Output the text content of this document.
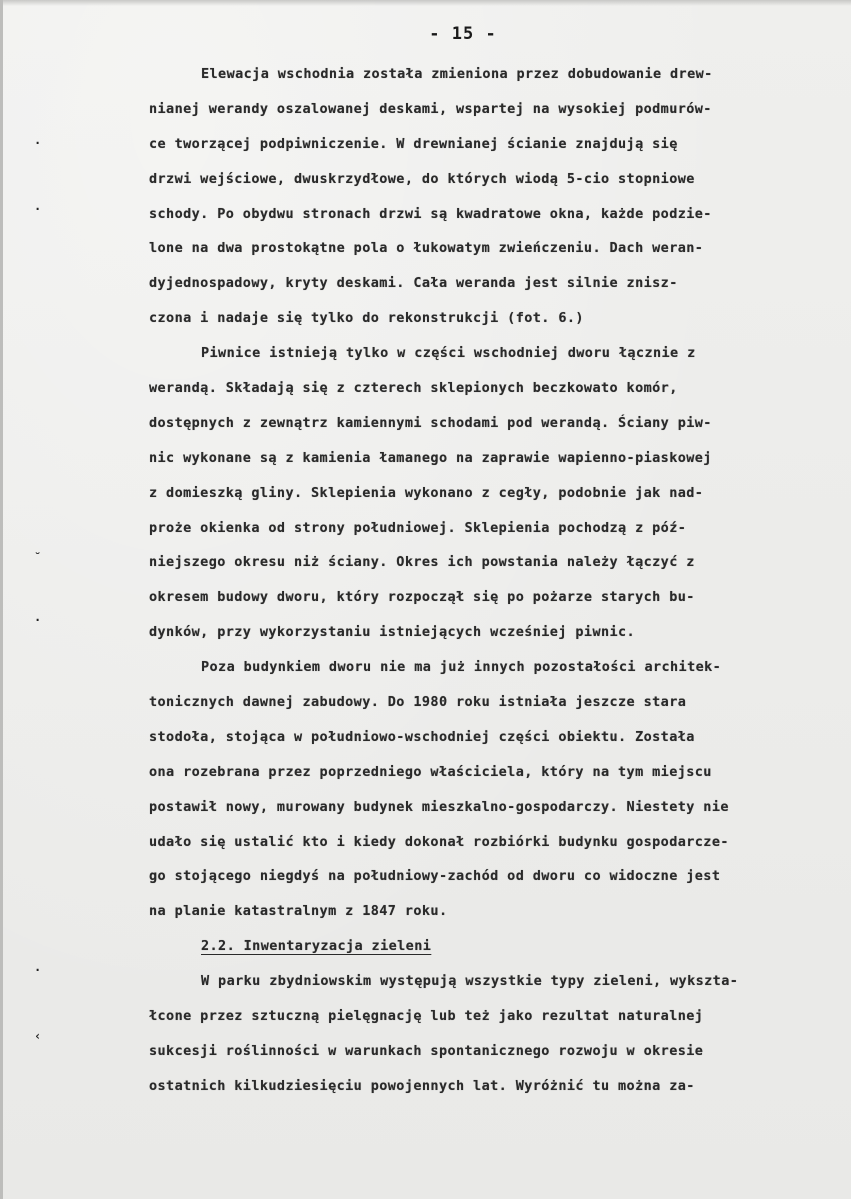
- 15 -
Elewacja wschodnia została zmieniona przez dobudowanie drew-
nianej werandy oszalowanej deskami, wspartej na wysokiej podmurów-
ce tworzącej podpiwniczenie. W drewnianej ścianie znajdują się
drzwi wejściowe, dwuskrzydłowe, do których wiodą 5-cio stopniowe
schody. Po obydwu stronach drzwi są kwadratowe okna, każde podzie-
lone na dwa prostokątne pola o łukowatym zwieńczeniu. Dach weran-
dyjednospadowy, kryty deskami. Cała weranda jest silnie znisz-
czona i nadaje się tylko do rekonstrukcji (fot. 6.)
Piwnice istnieją tylko w części wschodniej dworu łącznie z
werandą. Składają się z czterech sklepionych beczkowato komór,
dostępnych z zewnątrz kamiennymi schodami pod werandą. Ściany piw-
nic wykonane są z kamienia łamanego na zaprawie wapienno-piaskowej
z domieszką gliny. Sklepienia wykonano z cegły, podobnie jak nad-
proże okienka od strony południowej. Sklepienia pochodzą z póź-
niejszego okresu niż ściany. Okres ich powstania należy łączyć z
okresem budowy dworu, który rozpoczął się po pożarze starych bu-
dynków, przy wykorzystaniu istniejących wcześniej piwnic.
Poza budynkiem dworu nie ma już innych pozostałości architek-
tonicznych dawnej zabudowy. Do 1980 roku istniała jeszcze stara
stodoła, stojąca w południowo-wschodniej części obiektu. Została
ona rozebrana przez poprzedniego właściciela, który na tym miejscu
postawił nowy, murowany budynek mieszkalno-gospodarczy. Niestety nie
udało się ustalić kto i kiedy dokonał rozbiórki budynku gospodarcze-
go stojącego niegdyś na południowy-zachód od dworu co widoczne jest
na planie katastralnym z 1847 roku.
2.2. Inwentaryzacja zieleni
W parku zbydniowskim występują wszystkie typy zieleni, wykszta-
łcone przez sztuczną pielęgnację lub też jako rezultat naturalnej
sukcesji roślinności w warunkach spontanicznego rozwoju w okresie
ostatnich kilkudziesięciu powojennych lat. Wyróżnić tu można za-
·
·
˘
·
·
‹
